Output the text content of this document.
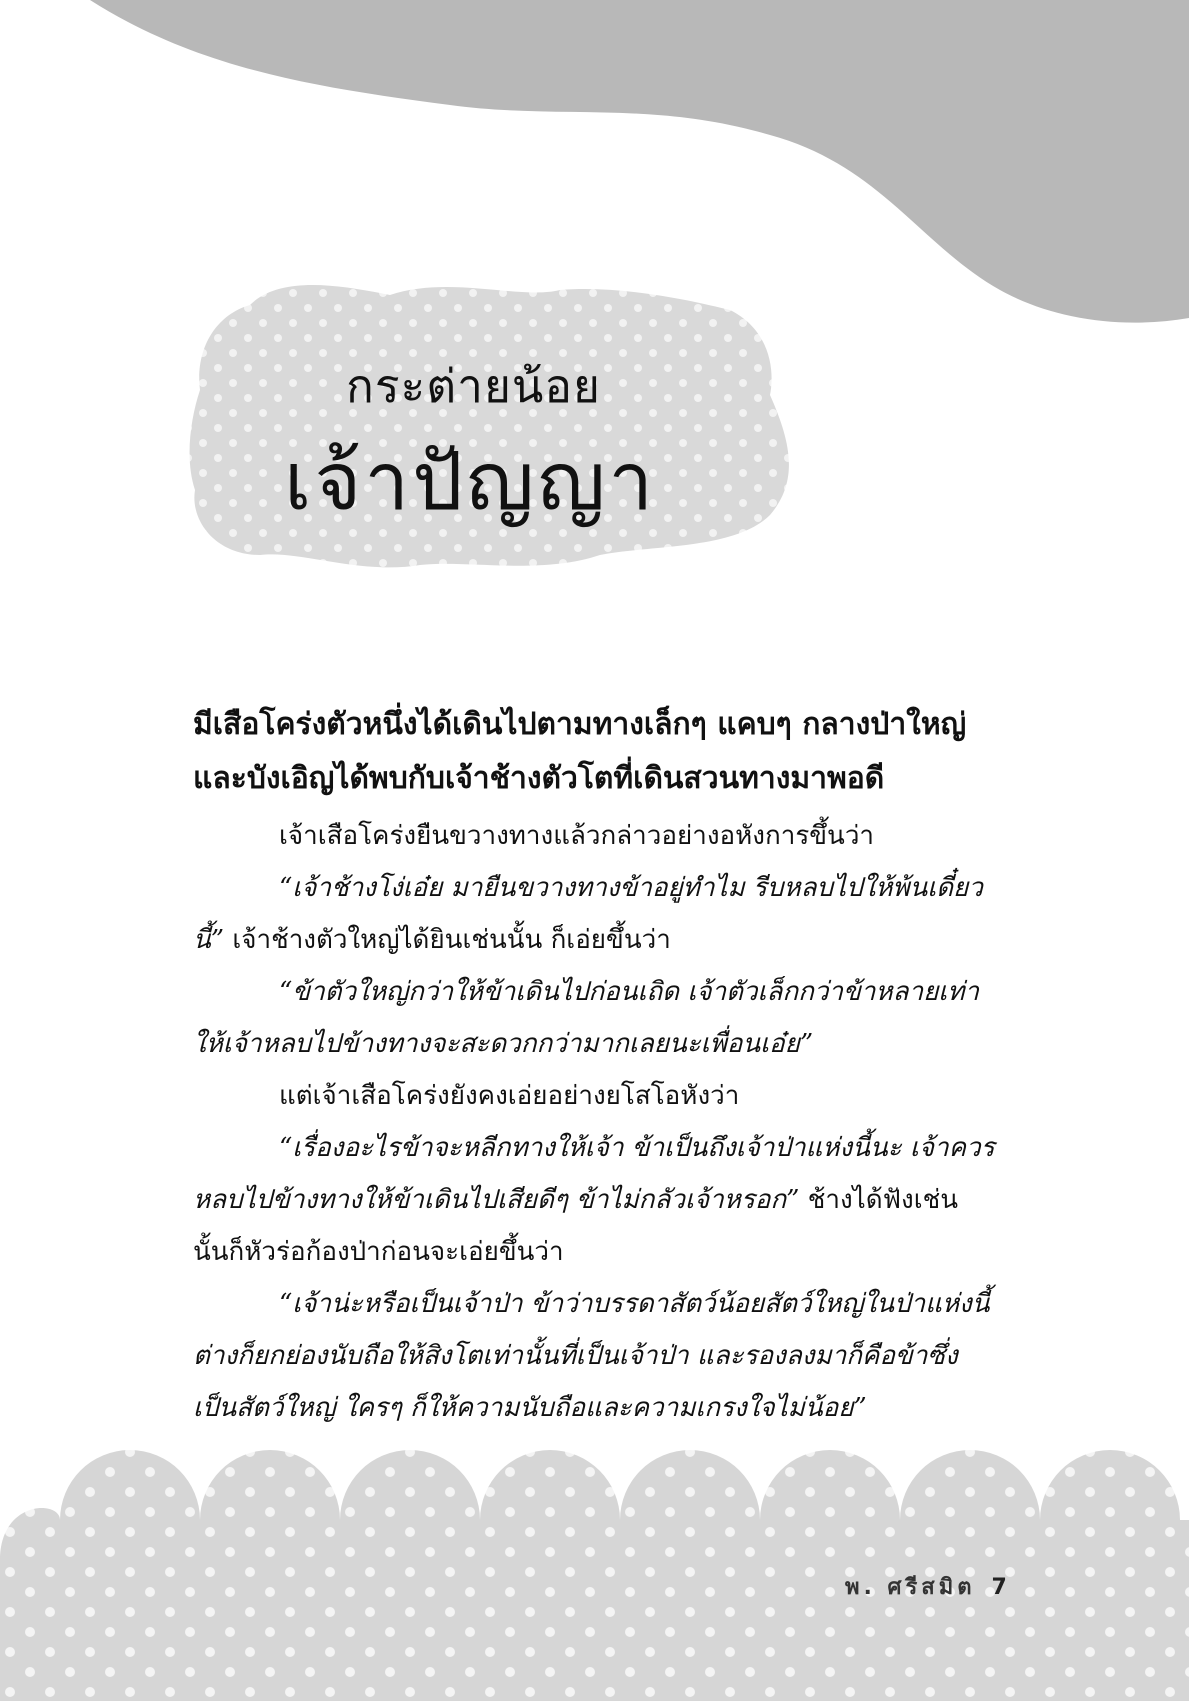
กระต่ายน้อย
เจ้าปัญญา
มีเสือโคร่งตัวหนึ่งได้เดินไปตามทางเล็กๆ แคบๆ กลางป่าใหญ่
และบังเอิญได้พบกับเจ้าช้างตัวโตที่เดินสวนทางมาพอดี

เจ้าเสือโคร่งยืนขวางทางแล้วกล่าวอย่างอหังการขึ้นว่า

“เจ้าช้างโง่เอ๋ย มายืนขวางทางข้าอยู่ทำไม รีบหลบไปให้พ้นเดี๋ยว
นี้” เจ้าช้างตัวใหญ่ได้ยินเช่นนั้น ก็เอ่ยขึ้นว่า

“ข้าตัวใหญ่กว่าให้ข้าเดินไปก่อนเถิด เจ้าตัวเล็กกว่าข้าหลายเท่า
ให้เจ้าหลบไปข้างทางจะสะดวกกว่ามากเลยนะเพื่อนเอ๋ย”

แต่เจ้าเสือโคร่งยังคงเอ่ยอย่างยโสโอหังว่า

“เรื่องอะไรข้าจะหลีกทางให้เจ้า ข้าเป็นถึงเจ้าป่าแห่งนี้นะ เจ้าควร
หลบไปข้างทางให้ข้าเดินไปเสียดีๆ ข้าไม่กลัวเจ้าหรอก” ช้างได้ฟังเช่น
นั้นก็หัวร่อก้องป่าก่อนจะเอ่ยขึ้นว่า

“เจ้าน่ะหรือเป็นเจ้าป่า ข้าว่าบรรดาสัตว์น้อยสัตว์ใหญ่ในป่าแห่งนี้
ต่างก็ยกย่องนับถือให้สิงโตเท่านั้นที่เป็นเจ้าป่า และรองลงมาก็คือข้าซึ่ง
เป็นสัตว์ใหญ่ ใครๆ ก็ให้ความนับถือและความเกรงใจไม่น้อย”

พ. ศรีสมิต 7
